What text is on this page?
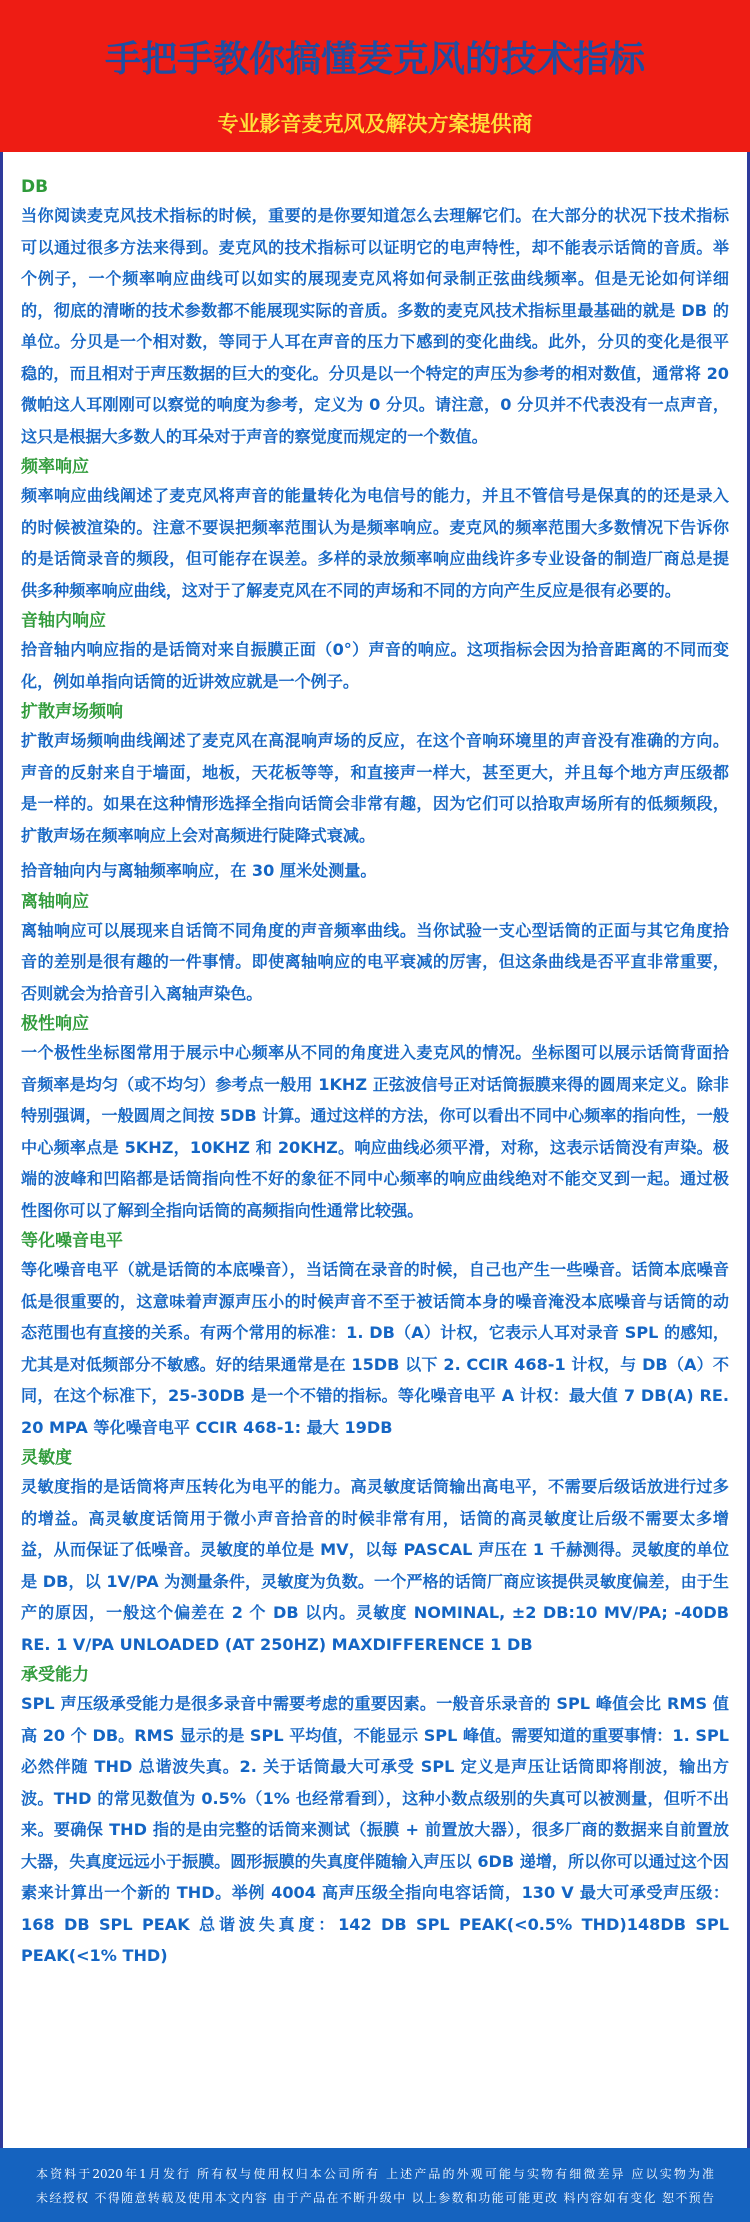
手把手教你搞懂麦克风的技术指标
专业影音麦克风及解决方案提供商
DB
当你阅读麦克风技术指标的时候，重要的是你要知道怎么去理解它们。在大部分的状况下技术指标可以通过很多方法来得到。麦克风的技术指标可以证明它的电声特性，却不能表示话筒的音质。举个例子，一个频率响应曲线可以如实的展现麦克风将如何录制正弦曲线频率。但是无论如何详细的，彻底的清晰的技术参数都不能展现实际的音质。多数的麦克风技术指标里最基础的就是 DB 的单位。分贝是一个相对数，等同于人耳在声音的压力下感到的变化曲线。此外，分贝的变化是很平稳的，而且相对于声压数据的巨大的变化。分贝是以一个特定的声压为参考的相对数值，通常将 20 微帕这人耳刚刚可以察觉的响度为参考，定义为 0 分贝。请注意，0 分贝并不代表没有一点声音，这只是根据大多数人的耳朵对于声音的察觉度而规定的一个数值。
频率响应
频率响应曲线阐述了麦克风将声音的能量转化为电信号的能力，并且不管信号是保真的的还是录入的时候被渲染的。注意不要误把频率范围认为是频率响应。麦克风的频率范围大多数情况下告诉你的是话筒录音的频段，但可能存在误差。多样的录放频率响应曲线许多专业设备的制造厂商总是提供多种频率响应曲线，这对于了解麦克风在不同的声场和不同的方向产生反应是很有必要的。
音轴内响应
拾音轴内响应指的是话筒对来自振膜正面（0°）声音的响应。这项指标会因为拾音距离的不同而变化，例如单指向话筒的近讲效应就是一个例子。
扩散声场频响
扩散声场频响曲线阐述了麦克风在高混响声场的反应，在这个音响环境里的声音没有准确的方向。声音的反射来自于墙面，地板，天花板等等，和直接声一样大，甚至更大，并且每个地方声压级都是一样的。如果在这种情形选择全指向话筒会非常有趣，因为它们可以拾取声场所有的低频频段，扩散声场在频率响应上会对高频进行陡降式衰减。
拾音轴向内与离轴频率响应，在 30 厘米处测量。
离轴响应
离轴响应可以展现来自话筒不同角度的声音频率曲线。当你试验一支心型话筒的正面与其它角度拾音的差别是很有趣的一件事情。即使离轴响应的电平衰减的厉害，但这条曲线是否平直非常重要，否则就会为拾音引入离轴声染色。
极性响应
一个极性坐标图常用于展示中心频率从不同的角度进入麦克风的情况。坐标图可以展示话筒背面拾音频率是均匀（或不均匀）参考点一般用 1KHZ 正弦波信号正对话筒振膜来得的圆周来定义。除非特别强调，一般圆周之间按 5DB 计算。通过这样的方法，你可以看出不同中心频率的指向性，一般中心频率点是 5KHZ，10KHZ 和 20KHZ。响应曲线必须平滑，对称，这表示话筒没有声染。极端的波峰和凹陷都是话筒指向性不好的象征不同中心频率的响应曲线绝对不能交叉到一起。通过极性图你可以了解到全指向话筒的高频指向性通常比较强。
等化噪音电平
等化噪音电平（就是话筒的本底噪音），当话筒在录音的时候，自己也产生一些噪音。话筒本底噪音低是很重要的，这意味着声源声压小的时候声音不至于被话筒本身的噪音淹没本底噪音与话筒的动态范围也有直接的关系。有两个常用的标准：1. DB（A）计权，它表示人耳对录音 SPL 的感知，尤其是对低频部分不敏感。好的结果通常是在 15DB 以下 2. CCIR 468-1 计权，与 DB（A）不同，在这个标准下，25-30DB 是一个不错的指标。等化噪音电平 A 计权：最大值 7 DB(A) RE. 20 ΜPA 等化噪音电平 CCIR 468-1: 最大 19DB
灵敏度
灵敏度指的是话筒将声压转化为电平的能力。高灵敏度话筒输出高电平，不需要后级话放进行过多的增益。高灵敏度话筒用于微小声音拾音的时候非常有用，话筒的高灵敏度让后级不需要太多增益，从而保证了低噪音。灵敏度的单位是 MV，以每 PASCAL 声压在 1 千赫测得。灵敏度的单位是 DB，以 1V/PA 为测量条件，灵敏度为负数。一个严格的话筒厂商应该提供灵敏度偏差，由于生产的原因，一般这个偏差在 2 个 DB 以内。灵敏度 NOMINAL, ±2 DB:10 MV/PA; -40DB RE. 1 V/PA UNLOADED (AT 250HZ) MAXDIFFERENCE 1 DB
承受能力
SPL 声压级承受能力是很多录音中需要考虑的重要因素。一般音乐录音的 SPL 峰值会比 RMS 值高 20 个 DB。RMS 显示的是 SPL 平均值，不能显示 SPL 峰值。需要知道的重要事情：1. SPL 必然伴随 THD 总谐波失真。2. 关于话筒最大可承受 SPL 定义是声压让话筒即将削波，输出方波。THD 的常见数值为 0.5%（1% 也经常看到），这种小数点级别的失真可以被测量，但听不出来。要确保 THD 指的是由完整的话筒来测试（振膜 + 前置放大器），很多厂商的数据来自前置放大器，失真度远远小于振膜。圆形振膜的失真度伴随输入声压以 6DB 递增，所以你可以通过这个因素来计算出一个新的 THD。举例 4004 高声压级全指向电容话筒，130 V 最大可承受声压级：168 DB SPL PEAK 总谐波失真度：142 DB SPL PEAK(<0.5% THD)148DB SPL PEAK(<1% THD)
本资料于2020年1月发行 所有权与使用权归本公司所有 上述产品的外观可能与实物有细微差异 应以实物为准
未经授权 不得随意转载及使用本文内容 由于产品在不断升级中 以上参数和功能可能更改 料内容如有变化 恕不预告
